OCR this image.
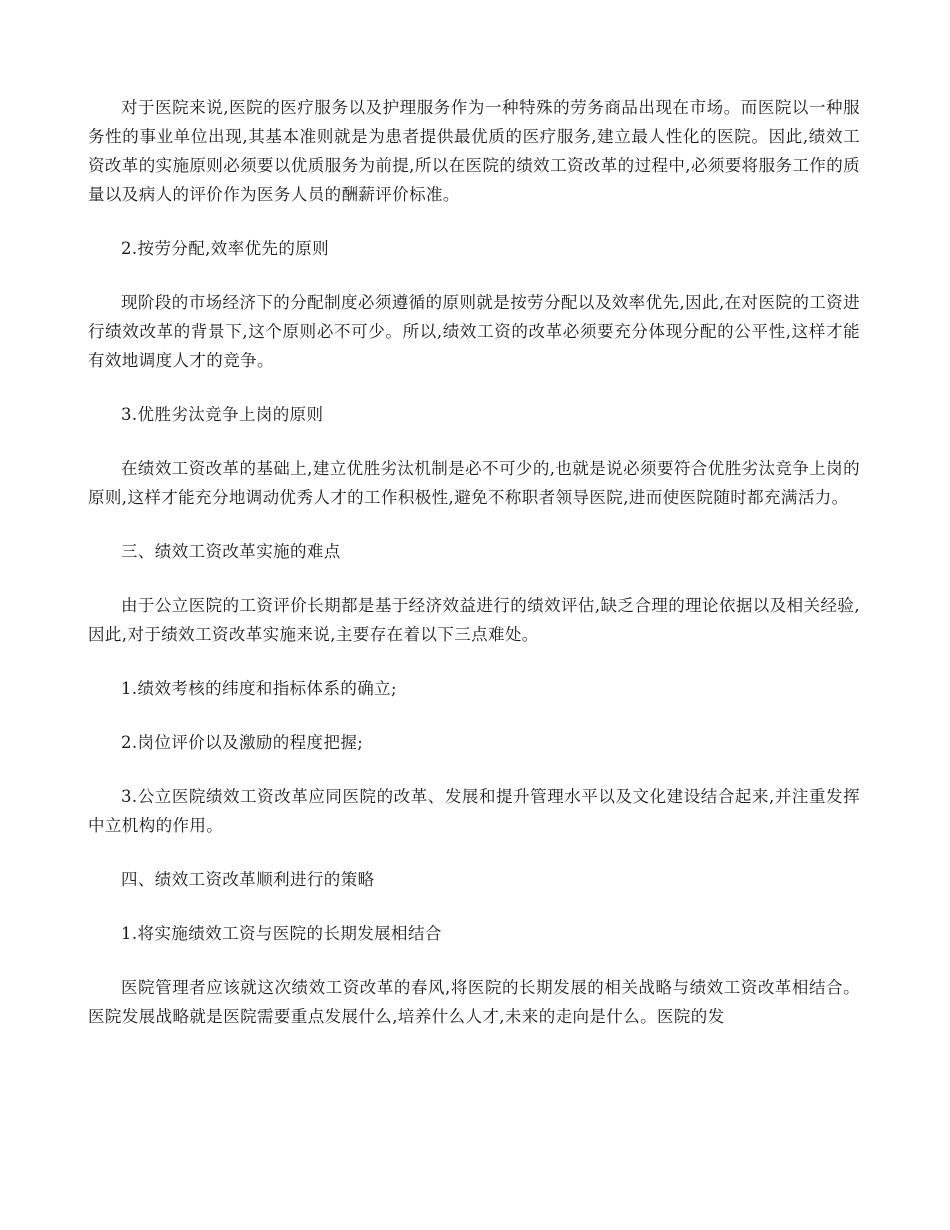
对于医院来说,医院的医疗服务以及护理服务作为一种特殊的劳务商品出现在市场。而医院以一种服务性的事业单位出现,其基本准则就是为患者提供最优质的医疗服务,建立最人性化的医院。因此,绩效工资改革的实施原则必须要以优质服务为前提,所以在医院的绩效工资改革的过程中,必须要将服务工作的质量以及病人的评价作为医务人员的酬薪评价标准。

2.按劳分配,效率优先的原则

现阶段的市场经济下的分配制度必须遵循的原则就是按劳分配以及效率优先,因此,在对医院的工资进行绩效改革的背景下,这个原则必不可少。所以,绩效工资的改革必须要充分体现分配的公平性,这样才能有效地调度人才的竞争。

3.优胜劣汰竞争上岗的原则

在绩效工资改革的基础上,建立优胜劣汰机制是必不可少的,也就是说必须要符合优胜劣汰竞争上岗的原则,这样才能充分地调动优秀人才的工作积极性,避免不称职者领导医院,进而使医院随时都充满活力。

三、绩效工资改革实施的难点

由于公立医院的工资评价长期都是基于经济效益进行的绩效评估,缺乏合理的理论依据以及相关经验,因此,对于绩效工资改革实施来说,主要存在着以下三点难处。

1.绩效考核的纬度和指标体系的确立;

2.岗位评价以及激励的程度把握;

3.公立医院绩效工资改革应同医院的改革、发展和提升管理水平以及文化建设结合起来,并注重发挥中立机构的作用。

四、绩效工资改革顺利进行的策略

1.将实施绩效工资与医院的长期发展相结合

医院管理者应该就这次绩效工资改革的春风,将医院的长期发展的相关战略与绩效工资改革相结合。医院发展战略就是医院需要重点发展什么,培养什么人才,未来的走向是什么。医院的发
